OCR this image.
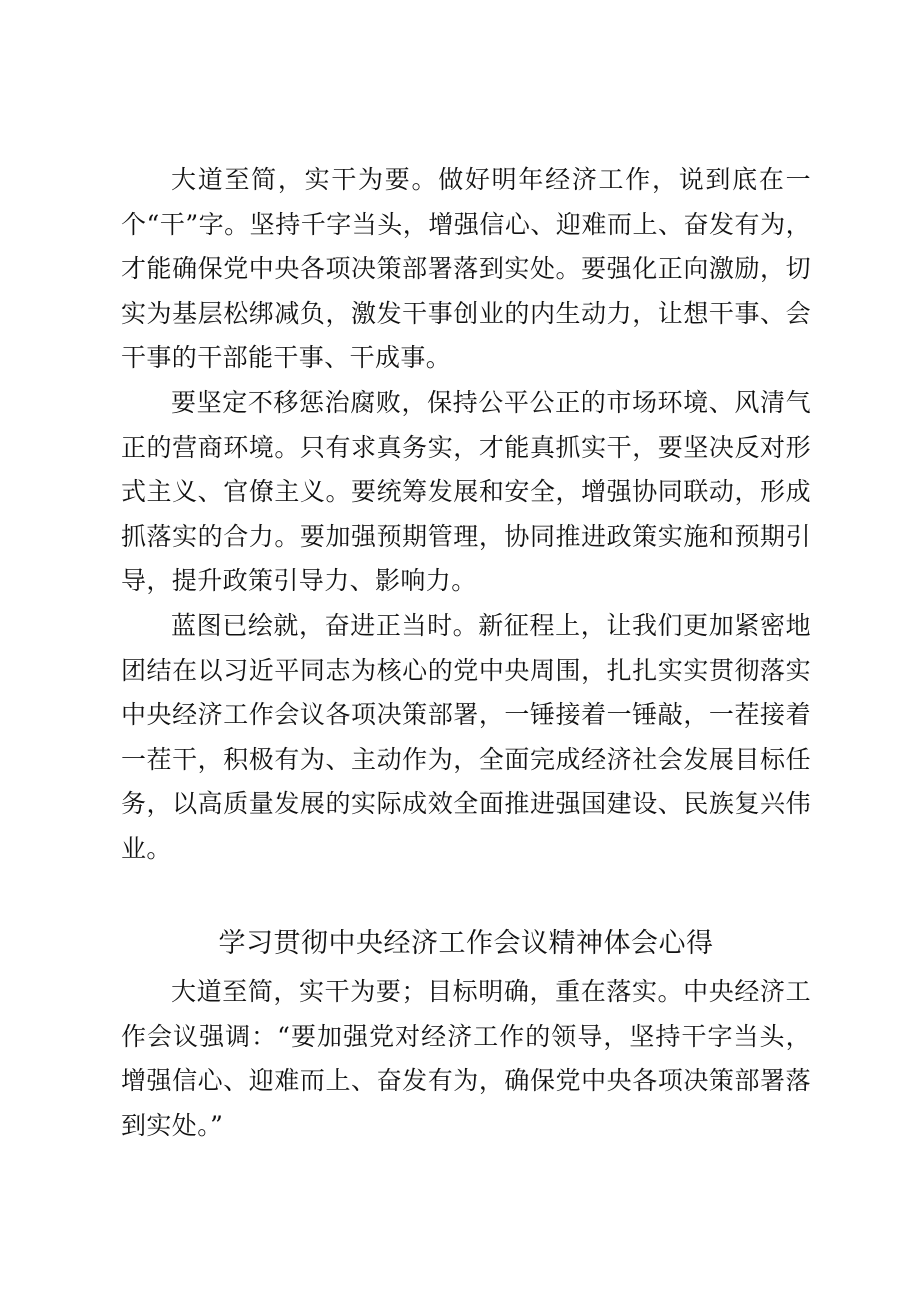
大道至简，实干为要。做好明年经济工作，说到底在一个“干”字。坚持千字当头，增强信心、迎难而上、奋发有为，才能确保党中央各项决策部署落到实处。要强化正向激励，切实为基层松绑减负，激发干事创业的内生动力，让想干事、会干事的干部能干事、干成事。

要坚定不移惩治腐败，保持公平公正的市场环境、风清气正的营商环境。只有求真务实，才能真抓实干，要坚决反对形式主义、官僚主义。要统筹发展和安全，增强协同联动，形成抓落实的合力。要加强预期管理，协同推进政策实施和预期引导，提升政策引导力、影响力。

蓝图已绘就，奋进正当时。新征程上，让我们更加紧密地团结在以习近平同志为核心的党中央周围，扎扎实实贯彻落实中央经济工作会议各项决策部署，一锤接着一锤敲，一茬接着一茬干，积极有为、主动作为，全面完成经济社会发展目标任务，以高质量发展的实际成效全面推进强国建设、民族复兴伟业。

学习贯彻中央经济工作会议精神体会心得

大道至简，实干为要；目标明确，重在落实。中央经济工作会议强调：“要加强党对经济工作的领导，坚持干字当头，增强信心、迎难而上、奋发有为，确保党中央各项决策部署落到实处。”
